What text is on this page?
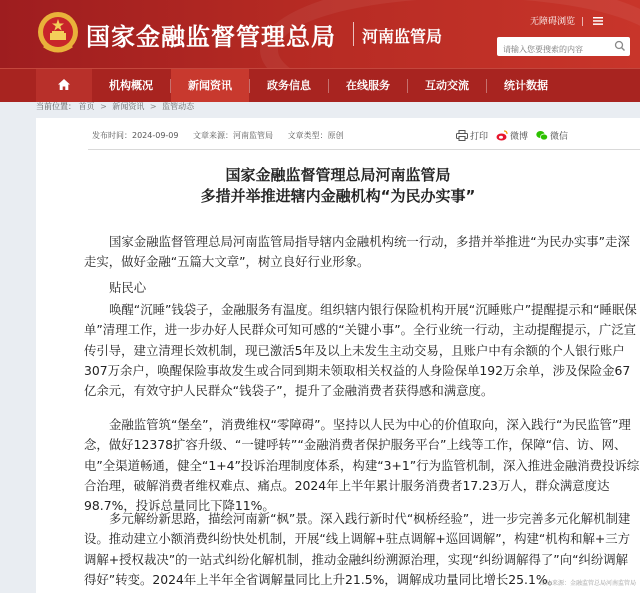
国家金融监督管理总局 河南监管局
无障碍浏览 |
请输入您要搜索的内容
机构概况	新闻资讯	政务信息	在线服务	互动交流	统计数据
当前位置： 首页 > 新闻资讯 > 监管动态
发布时间：2024-09-09 文章来源：河南监管局 文章类型：原创	打印 微博 微信
国家金融监督管理总局河南监管局
多措并举推进辖内金融机构“为民办实事”

国家金融监督管理总局河南监管局指导辖内金融机构统一行动，多措并举推进“为民办实事”走深走实，做好金融“五篇大文章”，树立良好行业形象。

贴民心

唤醒“沉睡”钱袋子，金融服务有温度。组织辖内银行保险机构开展“沉睡账户”提醒提示和“睡眠保单”清理工作，进一步办好人民群众可知可感的“关键小事”。全行业统一行动，主动提醒提示，广泛宣传引导，建立清理长效机制，现已激活5年及以上未发生主动交易，且账户中有余额的个人银行账户307万余户，唤醒保险事故发生或合同到期未领取相关权益的人身险保单192万余单，涉及保险金67亿余元，有效守护人民群众“钱袋子”，提升了金融消费者获得感和满意度。

金融监管筑“堡垒”，消费维权“零障碍”。坚持以人民为中心的价值取向，深入践行“为民监管”理念，做好12378扩容升级、“一键呼转”“金融消费者保护服务平台”上线等工作，保障“信、访、网、电”全渠道畅通，健全“1+4”投诉治理制度体系，构建“3+1”行为监管机制，深入推进金融消费投诉综合治理，破解消费者维权难点、痛点。2024年上半年累计服务消费者17.23万人，群众满意度达98.7%，投诉总量同比下降11%。

多元解纷新思路，描绘河南新“枫”景。深入践行新时代“枫桥经验”，进一步完善多元化解机制建设。推动建立小额消费纠纷快处机制，开展“线上调解+驻点调解+巡回调解”，构建“机构和解+三方调解+授权裁决”的一站式纠纷化解机制，推动金融纠纷溯源治理，实现“纠纷调解得了”向“纠纷调解得好”转变。2024年上半年全省调解量同比上升21.5%，调解成功量同比增长25.1%。

图片来源：金融监管总局河南监管局
